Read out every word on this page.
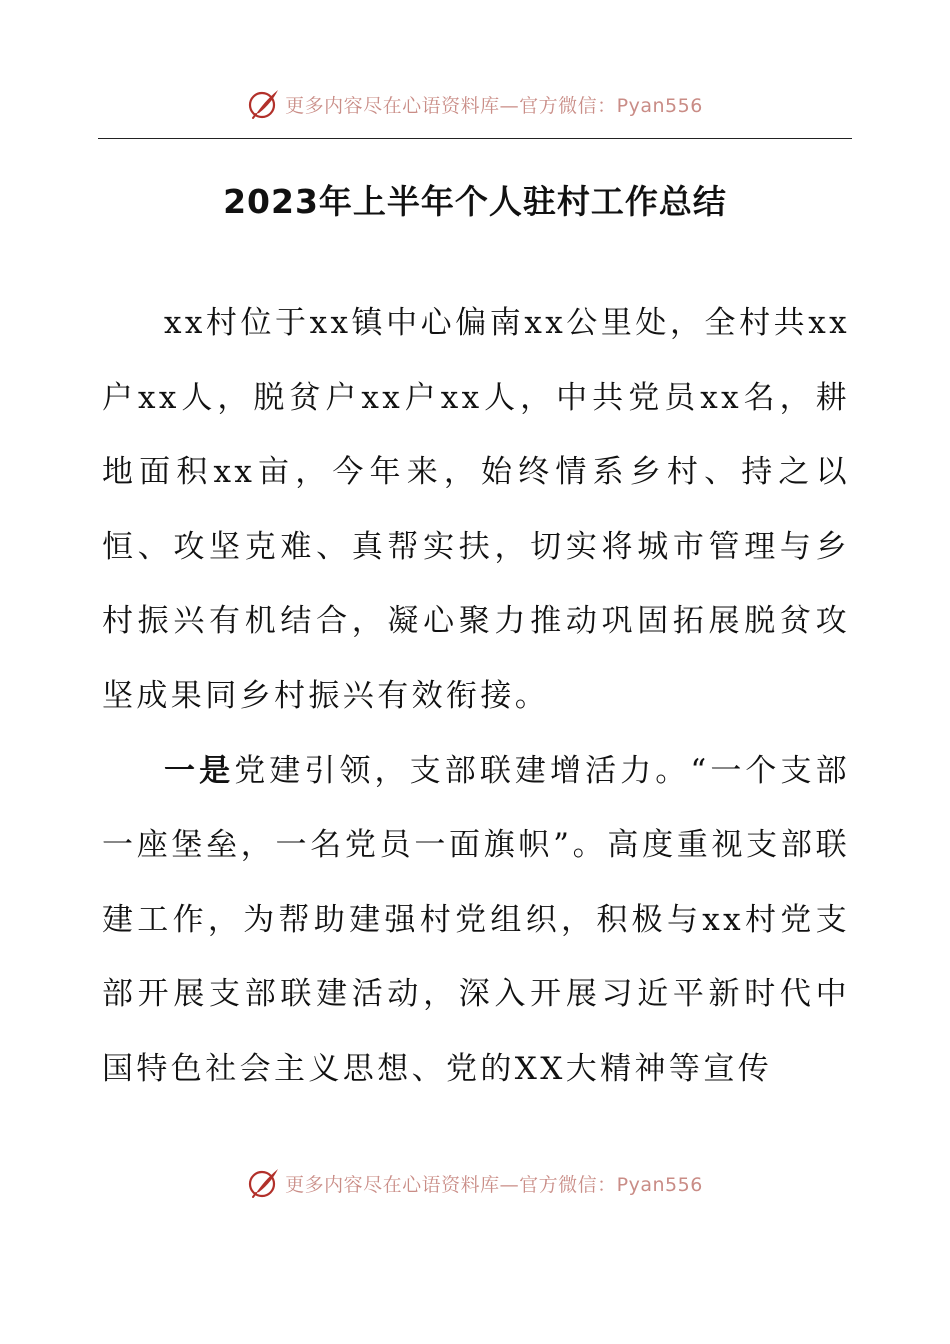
更多内容尽在心语资料库—官方微信：Pyan556
2023年上半年个人驻村工作总结

xx村位于xx镇中心偏南xx公里处，全村共xx户xx人，脱贫户xx户xx人，中共党员xx名，耕地面积xx亩，今年来，始终情系乡村、持之以恒、攻坚克难、真帮实扶，切实将城市管理与乡村振兴有机结合，凝心聚力推动巩固拓展脱贫攻坚成果同乡村振兴有效衔接。

一是党建引领，支部联建增活力。“一个支部一座堡垒，一名党员一面旗帜”。高度重视支部联建工作，为帮助建强村党组织，积极与xx村党支部开展支部联建活动，深入开展习近平新时代中国特色社会主义思想、党的XX大精神等宣传

更多内容尽在心语资料库—官方微信：Pyan556
